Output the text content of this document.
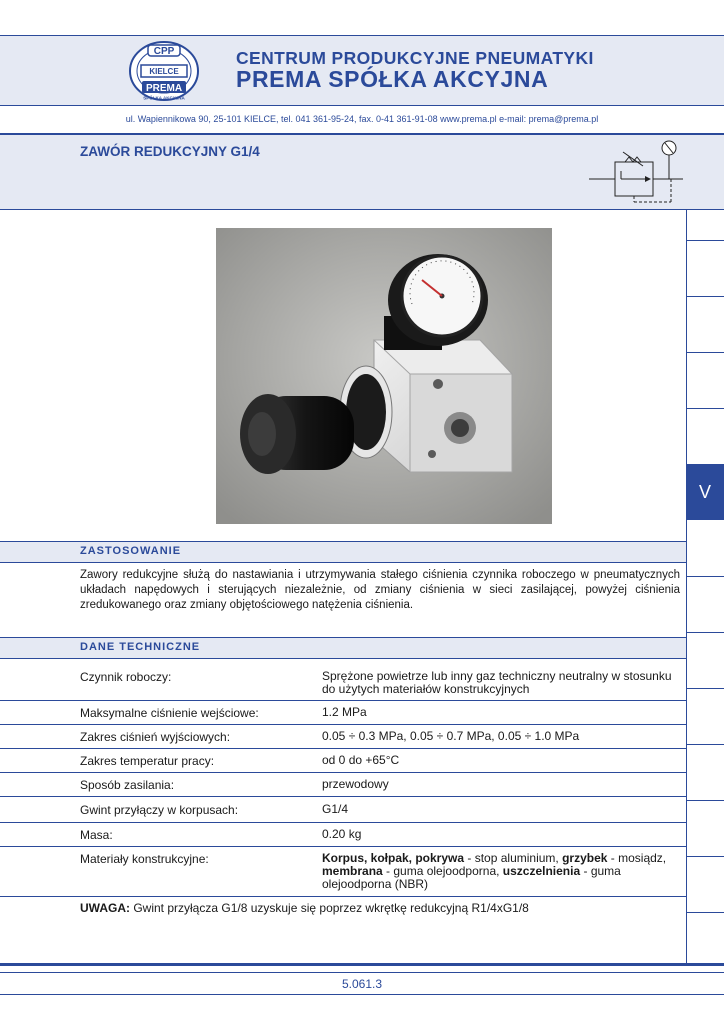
CPP
KIELCE
PREMA
SPÓŁKA AKCYJNA
CENTRUM PRODUKCYJNE PNEUMATYKI
PREMA SPÓŁKA AKCYJNA
ul. Wapiennikowa 90, 25-101 KIELCE, tel. 041 361-95-24, fax. 0-41 361-91-08 www.prema.pl e-mail: prema@prema.pl
ZAWÓR REDUKCYJNY G1/4
V
ZASTOSOWANIE
Zawory redukcyjne służą do nastawiania i utrzymywania stałego ciśnienia czynnika roboczego w pneumatycznych układach napędowych i sterujących niezależnie, od zmiany ciśnienia w sieci zasilającej, powyżej ciśnienia zredukowanego oraz zmiany objętościowego natężenia ciśnienia.
DANE TECHNICZNE
Czynnik roboczy:	Sprężone powietrze lub inny gaz techniczny neutralny w stosunku do użytych materiałów konstrukcyjnych
Maksymalne ciśnienie wejściowe:	1.2 MPa
Zakres ciśnień wyjściowych:	0.05 ÷ 0.3 MPa, 0.05 ÷ 0.7 MPa, 0.05 ÷ 1.0 MPa
Zakres temperatur pracy:	od 0 do +65°C
Sposób zasilania:	przewodowy
Gwint przyłączy w korpusach:	G1/4
Masa:	0.20 kg
Materiały konstrukcyjne:	Korpus, kołpak, pokrywa - stop aluminium, grzybek - mosiądz, membrana - guma olejoodporna, uszczelnienia - guma olejoodporna (NBR)
UWAGA: Gwint przyłącza G1/8 uzyskuje się poprzez wkrętkę redukcyjną R1/4xG1/8
5.061.3
